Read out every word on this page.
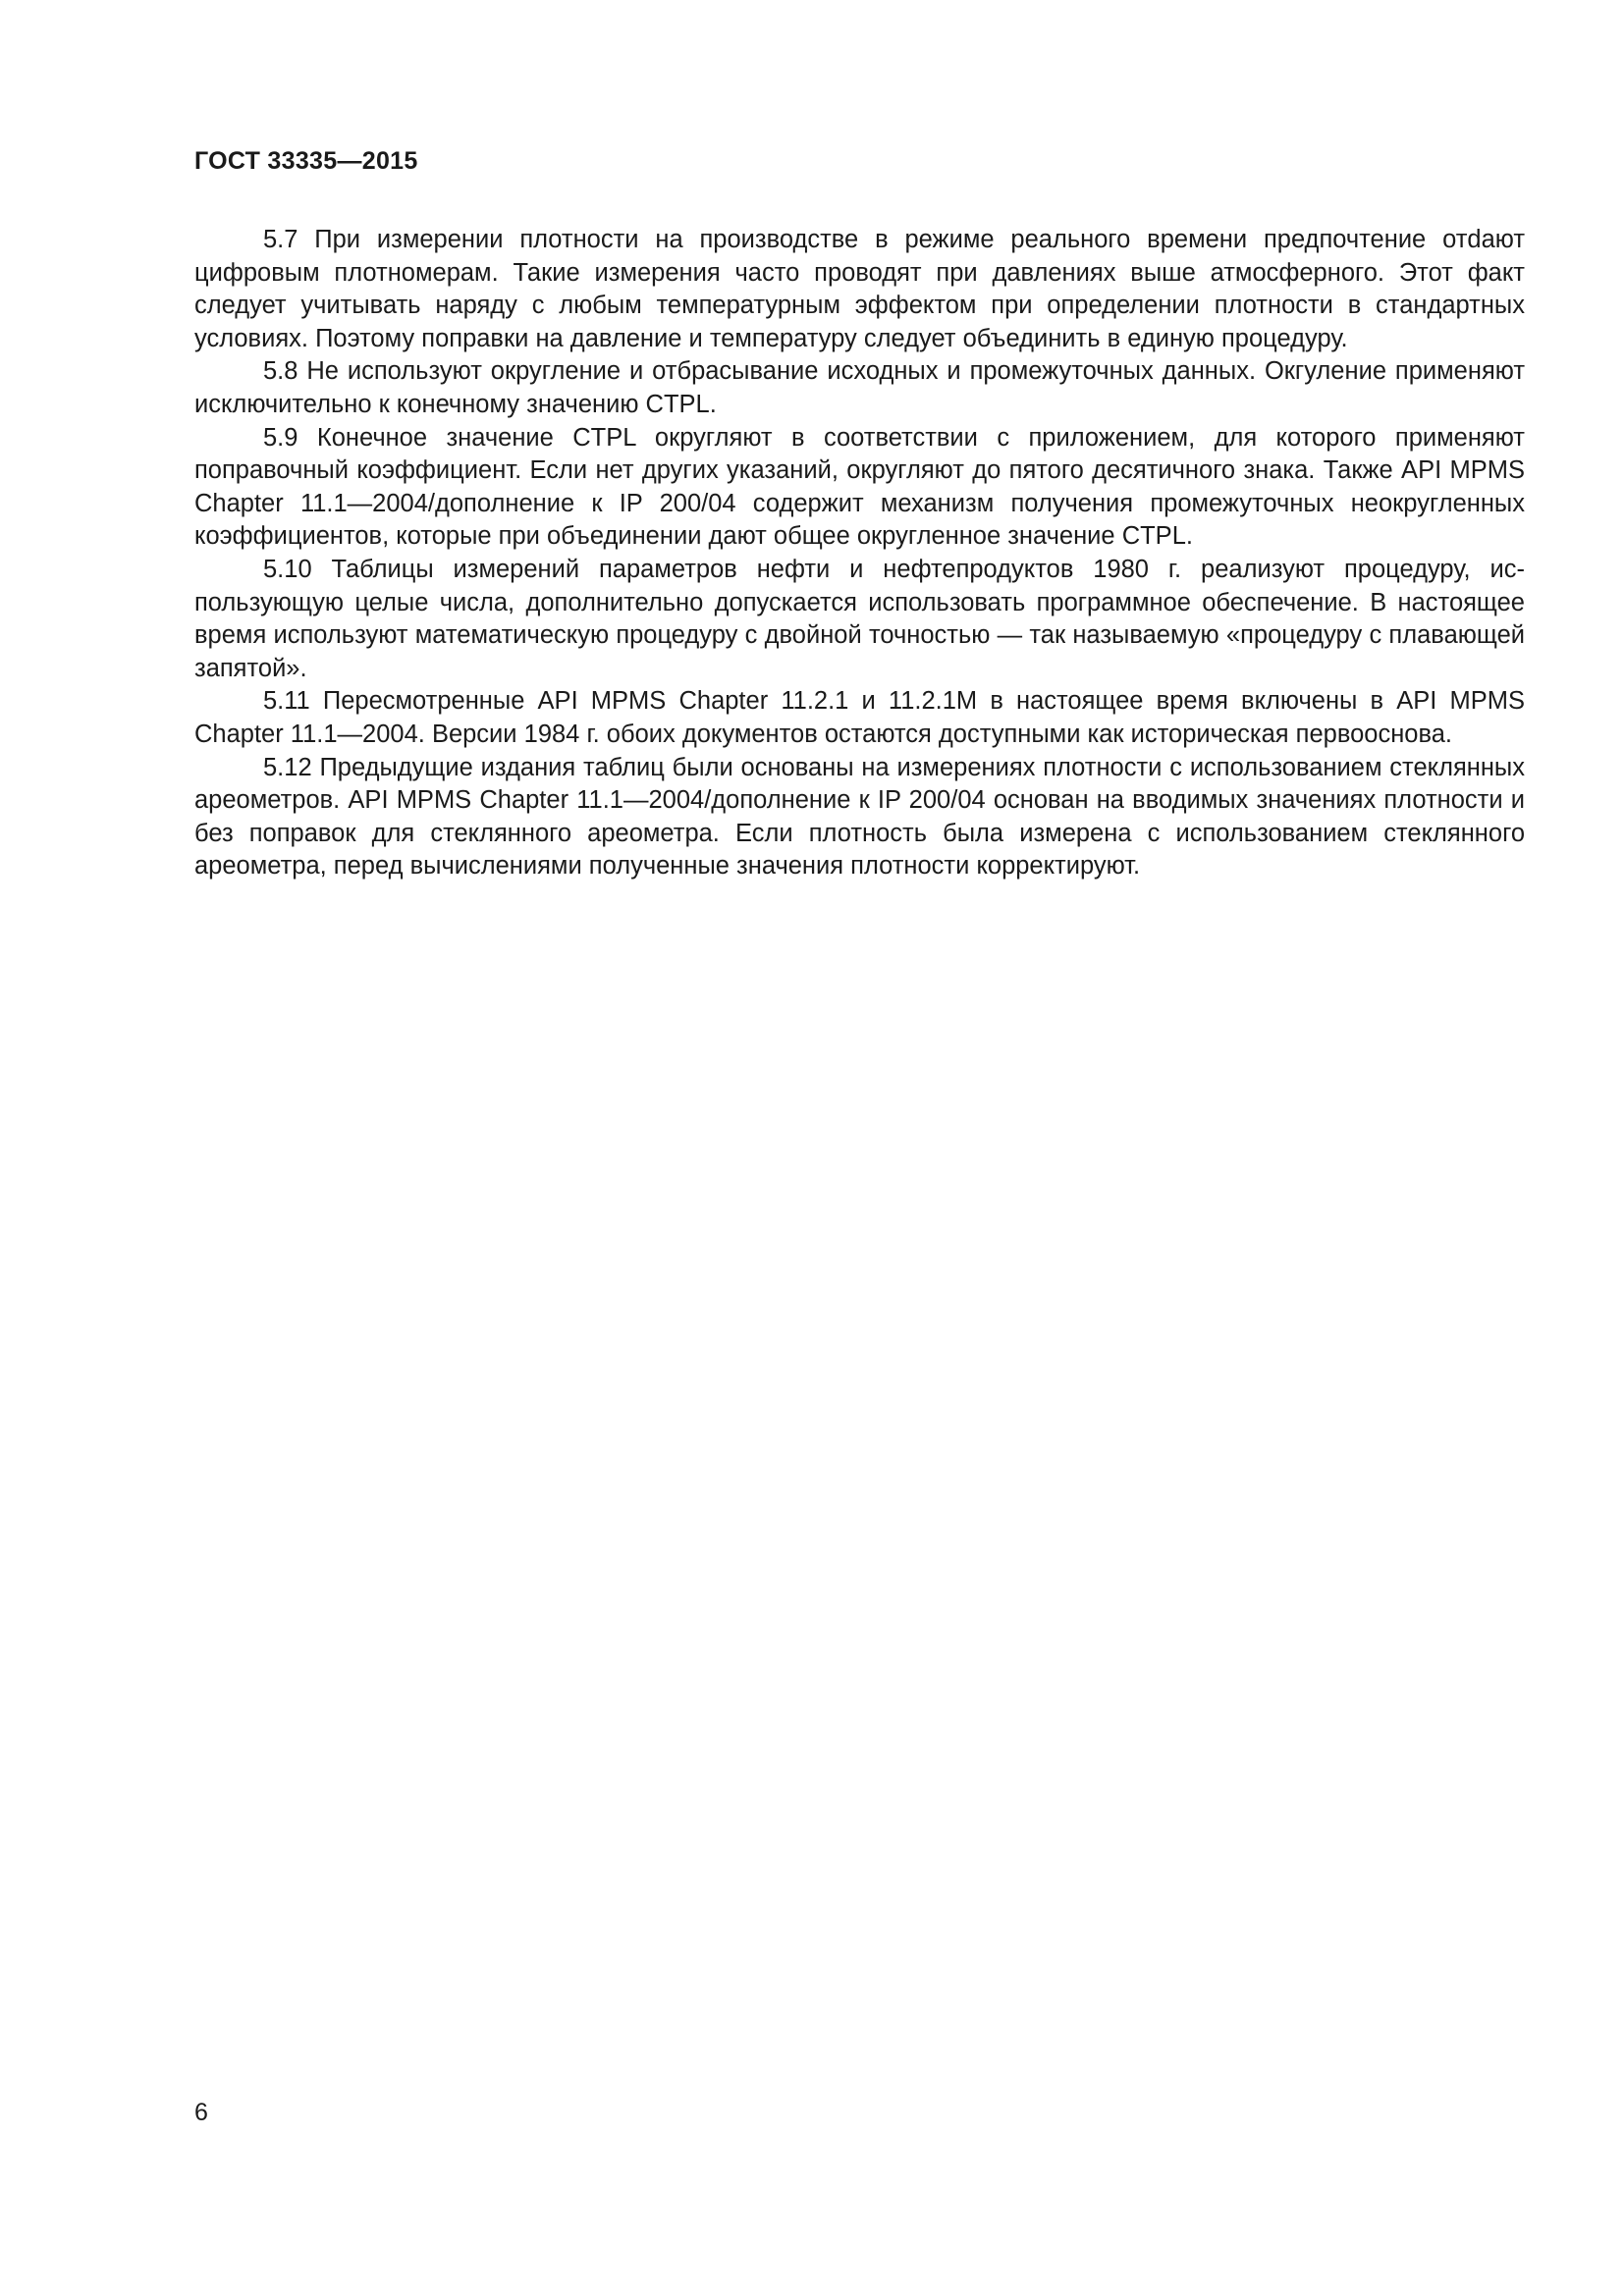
ГОСТ 33335—2015

5.7 При измерении плотности на производстве в режиме реального времени предпочтение отdают цифровым плотномерам. Такие измерения часто проводят при давлениях выше атмосферного. Этот факт следует учитывать наряду с любым температурным эффектом при определении плотности в стандартных условиях. Поэтому поправки на давление и температуру следует объединить в единую процедуру.

5.8 Не используют округление и отбрасывание исходных и промежуточных данных. Окгуление применяют исключительно к конечному значению CTPL.

5.9 Конечное значение CTPL округляют в соответствии с приложением, для которого применяют поправочный коэффициент. Если нет других указаний, округляют до пятого десятичного знака. Также API MPMS Chapter 11.1—2004/дополнение к IP 200/04 содержит механизм получения промежуточных неокругленных коэффициентов, которые при объединении дают общее округленное значение CTPL.

5.10 Таблицы измерений параметров нефти и нефтепродуктов 1980 г. реализуют процедуру, использующую целые числа, дополнительно допускается использовать программное обеспечение. В настоящее время используют математическую процедуру с двойной точностью — так называемую «процедуру с плавающей запятой».

5.11 Пересмотренные API MPMS Chapter 11.2.1 и 11.2.1M в настоящее время включены в API MPMS Chapter 11.1—2004. Версии 1984 г. обоих документов остаются доступными как историческая первооснова.

5.12 Предыдущие издания таблиц были основаны на измерениях плотности с использованием стеклянных ареометров. API MPMS Chapter 11.1—2004/дополнение к IP 200/04 основан на вводимых значениях плотности и без поправок для стеклянного ареометра. Если плотность была измерена с использованием стеклянного ареометра, перед вычислениями полученные значения плотности корректируют.

6
